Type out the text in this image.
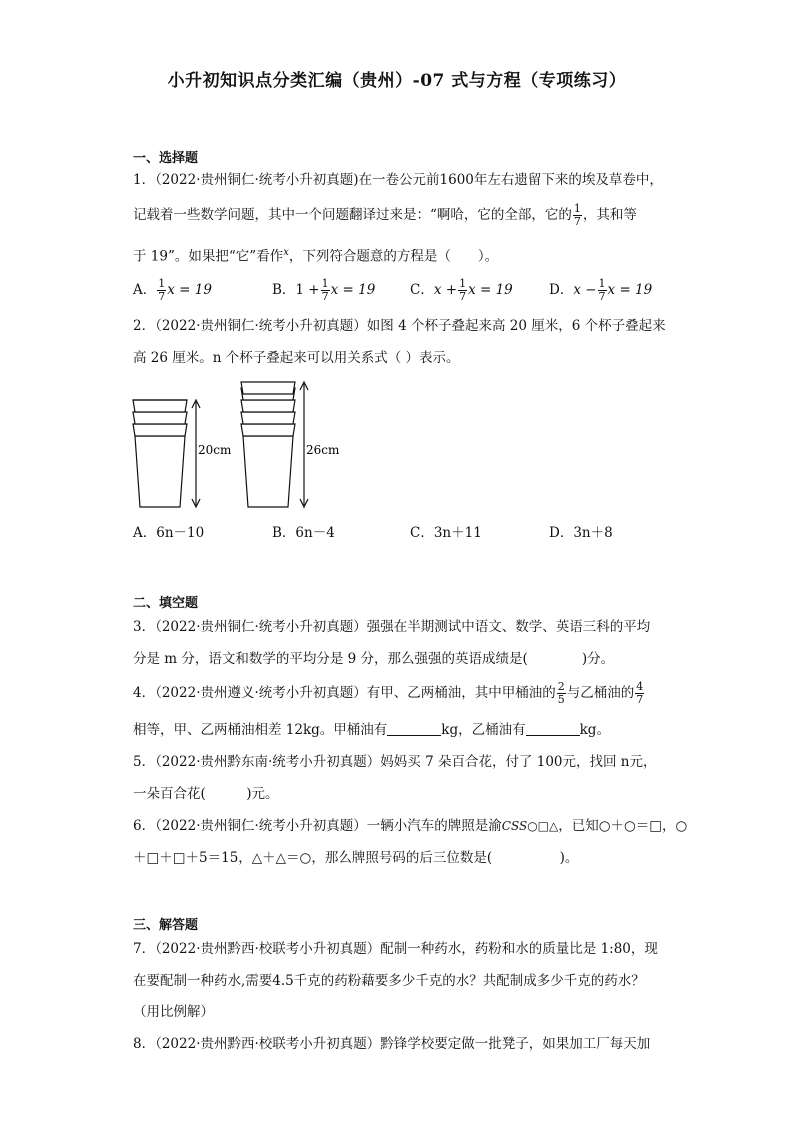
小升初知识点分类汇编（贵州）-07 式与方程（专项练习）
一、选择题
1．（2022·贵州铜仁·统考小升初真题)在一卷公元前1600年左右遗留下来的埃及草卷中，
记载着一些数学问题，其中一个问题翻译过来是：“啊哈，它的全部，它的 $\frac{1}{7}$ ，其和等
于 19”。如果把“它”看作$^x$，下列符合题意的方程是（　　）。
A． $\frac{1}{7}$ x = 19	B．$1 + \frac{1}{7}$ x = 19	C．$x + \frac{1}{7}$ x = 19	D．$x - \frac{1}{7}$ x = 19
2．（2022·贵州铜仁·统考小升初真题）如图 4 个杯子叠起来高 20 厘米，6 个杯子叠起来
高 26 厘米。n 个杯子叠起来可以用关系式（ ）表示。
20cm	26cm
A．6n－10	B．6n－4	C．3n＋11	D．3n＋8
二、填空题
3．（2022·贵州铜仁·统考小升初真题）强强在半期测试中语文、数学、英语三科的平均
分是 m 分，语文和数学的平均分是 9 分，那么强强的英语成绩是(　　　　)分。
4．（2022·贵州遵义·统考小升初真题）有甲、乙两桶油，其中甲桶油的 $\frac{2}{5}$ 与乙桶油的 $\frac{4}{7}$
相等，甲、乙两桶油相差 12kg。甲桶油有	kg，乙桶油有	kg。
5．（2022·贵州黔东南·统考小升初真题）妈妈买 7 朵百合花，付了 100元，找回 n元，
一朵百合花(　　　)元。
6．（2022·贵州铜仁·统考小升初真题）一辆小汽车的牌照是渝CSS○□△，已知○＋○＝□，○
＋□＋□＋5＝15，△＋△＝○，那么牌照号码的后三位数是(　　　　　)。
三、解答题
7．（2022·贵州黔西·校联考小升初真题）配制一种药水，药粉和水的质量比是 1:80，现
在要配制一种药水,需要4.5千克的药粉藉要多少千克的水？共配制成多少千克的药水？
（用比例解）
8．（2022·贵州黔西·校联考小升初真题）黔锋学校要定做一批凳子，如果加工厂每天加
